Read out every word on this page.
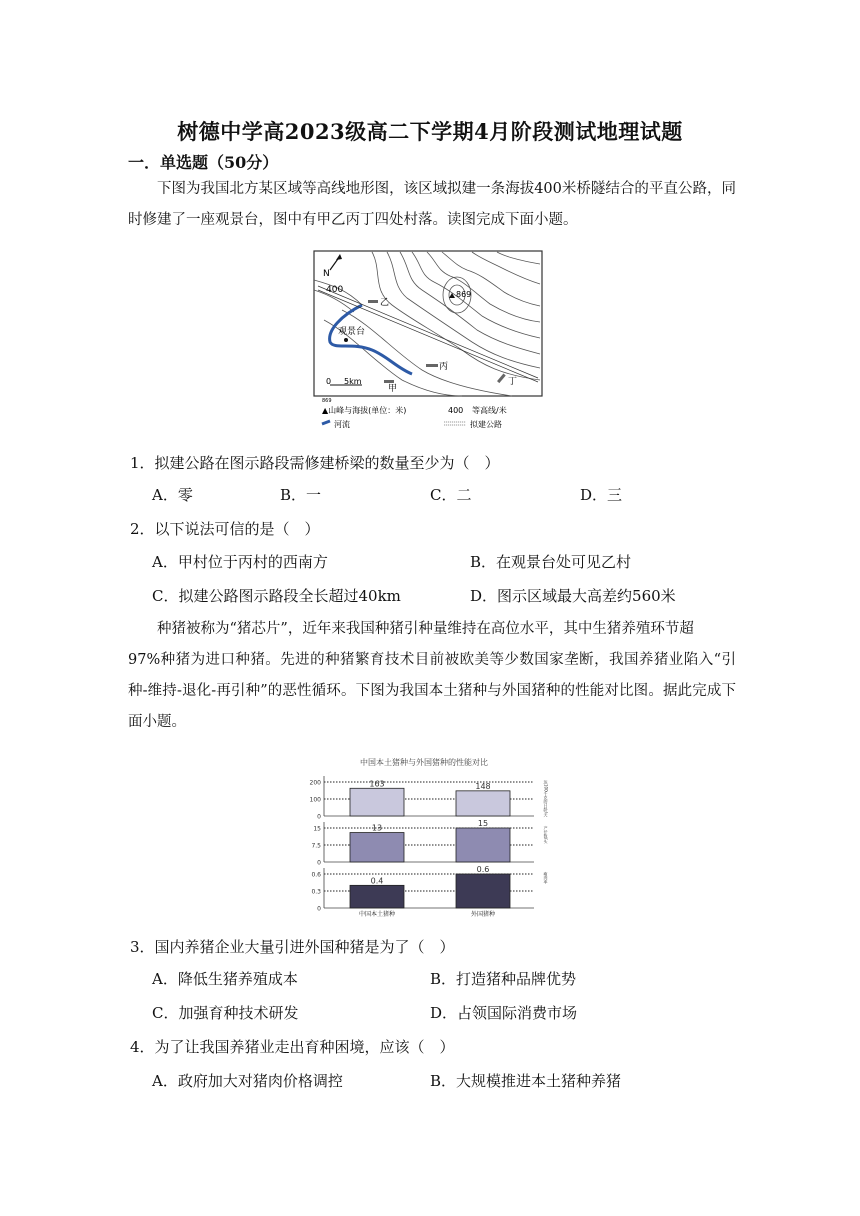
树德中学高2023级高二下学期4月阶段测试地理试题
一．单选题（50分）
下图为我国北方某区域等高线地形图，该区域拟建一条海拔400米桥隧结合的平直公路，同时修建了一座观景台，图中有甲乙丙丁四处村落。读图完成下面小题。
N
400	869
观景台
乙
甲
丙
丁
0 5km
869
▲山峰与海拔(单位：米)	400 等高线/米
河流	拟建公路
1．拟建公路在图示路段需修建桥梁的数量至少为（　）
A．零	B．一	C．二	D．三
2．以下说法可信的是（　）
A．甲村位于丙村的西南方	B．在观景台处可见乙村
C．拟建公路图示路段全长超过40km	D．图示区域最大高差约560米
种猪被称为“猪芯片”，近年来我国种猪引种量维持在高位水平，其中生猪养殖环节超
97%种猪为进口种猪。先进的种猪繁育技术目前被欧美等少数国家垄断，我国养猪业陷入“引种-维持-退化-再引种”的恶性循环。下图为我国本土猪种与外国猪种的性能对比图。据此完成下面小题。
中国本土猪种与外国猪种的性能对比
200
100
0
达100千克的日龄/天
163	148
15
7.5
0
产仔数/头
13
15
0.6
0.3
0
瘦肉率
0.4
0.6
中国本土猪种	外国猪种
3．国内养猪企业大量引进外国种猪是为了（　）
A．降低生猪养殖成本	B．打造猪种品牌优势
C．加强育种技术研发	D．占领国际消费市场
4．为了让我国养猪业走出育种困境，应该（　）
A．政府加大对猪肉价格调控	B．大规模推进本土猪种养猪
